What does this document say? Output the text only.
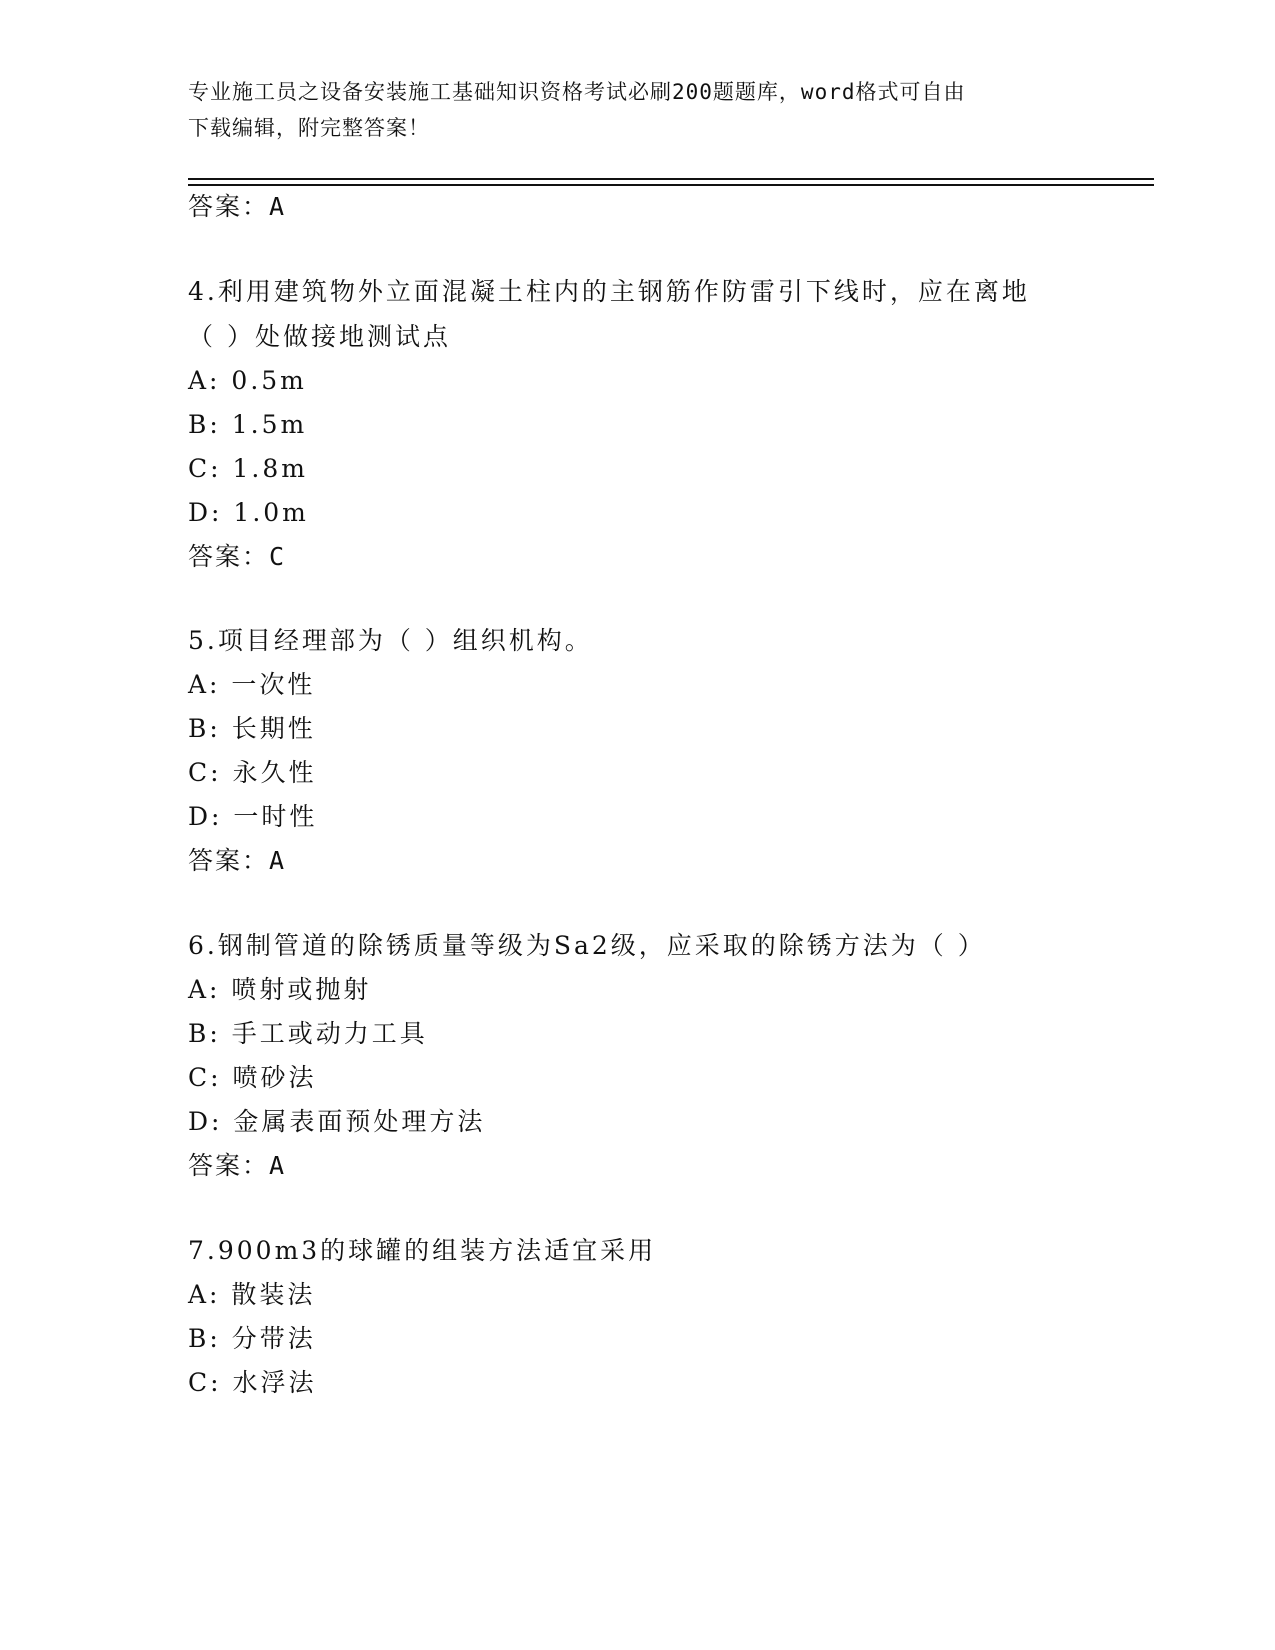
专业施工员之设备安装施工基础知识资格考试必刷200题题库，word格式可自由
下载编辑，附完整答案！
答案：A
4.利用建筑物外立面混凝土柱内的主钢筋作防雷引下线时，应在离地
（ ）处做接地测试点
A: 0.5m
B: 1.5m
C: 1.8m
D: 1.0m
答案：C
5.项目经理部为（ ）组织机构。
A: 一次性
B: 长期性
C: 永久性
D: 一时性
答案：A
6.钢制管道的除锈质量等级为Sa2级，应采取的除锈方法为（ ）
A: 喷射或抛射
B: 手工或动力工具
C: 喷砂法
D: 金属表面预处理方法
答案：A
7.900m3的球罐的组装方法适宜采用
A: 散装法
B: 分带法
C: 水浮法
